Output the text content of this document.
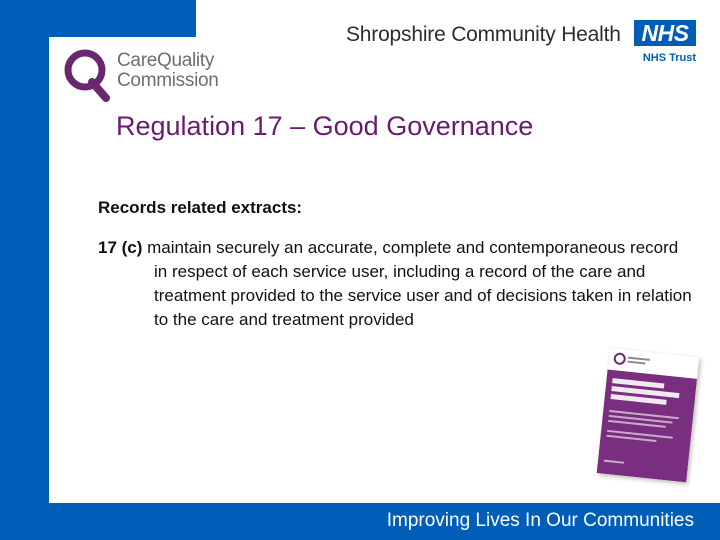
Improving Lives In Our Communities
CareQuality
Commission
Shropshire Community Health NHS
NHS Trust
Regulation 17 – Good Governance
Records related extracts:
17 (c) maintain securely an accurate, complete and contemporaneous record in respect of each service user, including a record of the care and treatment provided to the service user and of decisions taken in relation to the care and treatment provided
